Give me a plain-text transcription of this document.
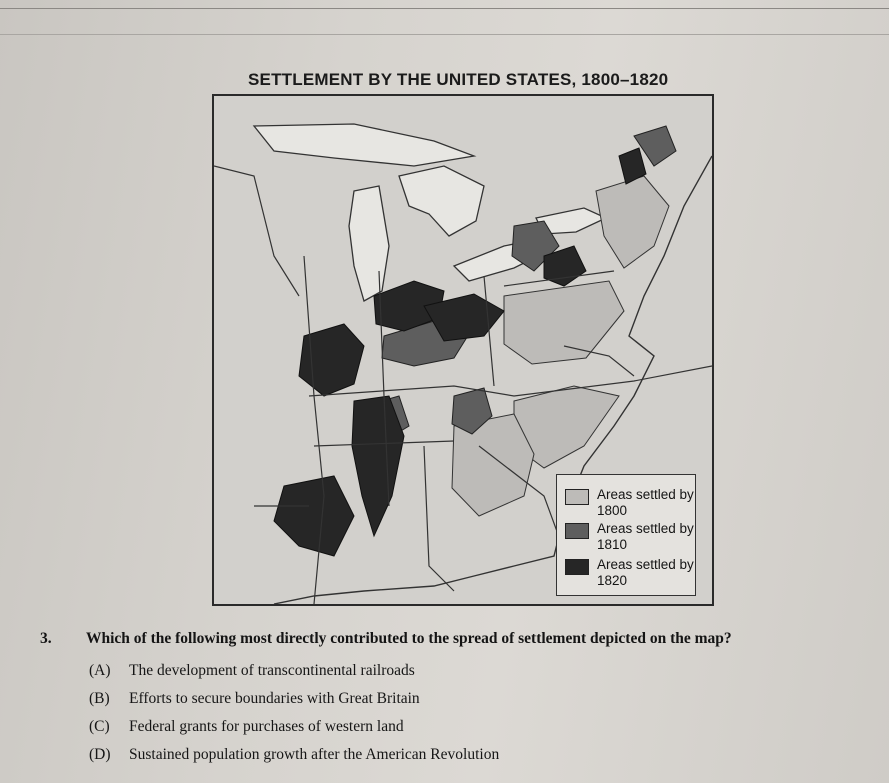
SETTLEMENT BY THE UNITED STATES, 1800–1820
Areas settled by 1800
Areas settled by 1810
Areas settled by 1820
3. Which of the following most directly contributed to the spread of settlement depicted on the map?
(A) The development of transcontinental railroads
(B) Efforts to secure boundaries with Great Britain
(C) Federal grants for purchases of western land
(D) Sustained population growth after the American Revolution
